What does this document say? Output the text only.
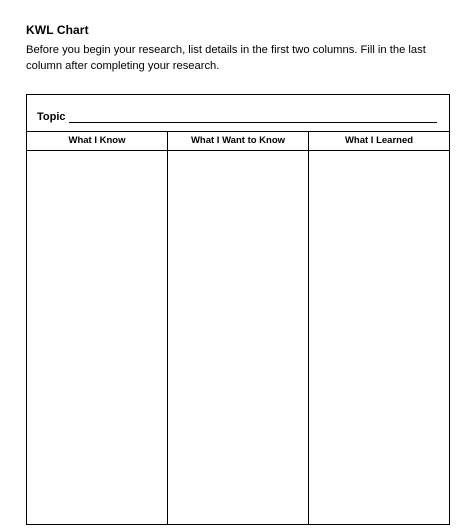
KWL Chart
Before you begin your research, list details in the first two columns. Fill in the last column after completing your research.
Topic
What I Know	What I Want to Know	What I Learned
